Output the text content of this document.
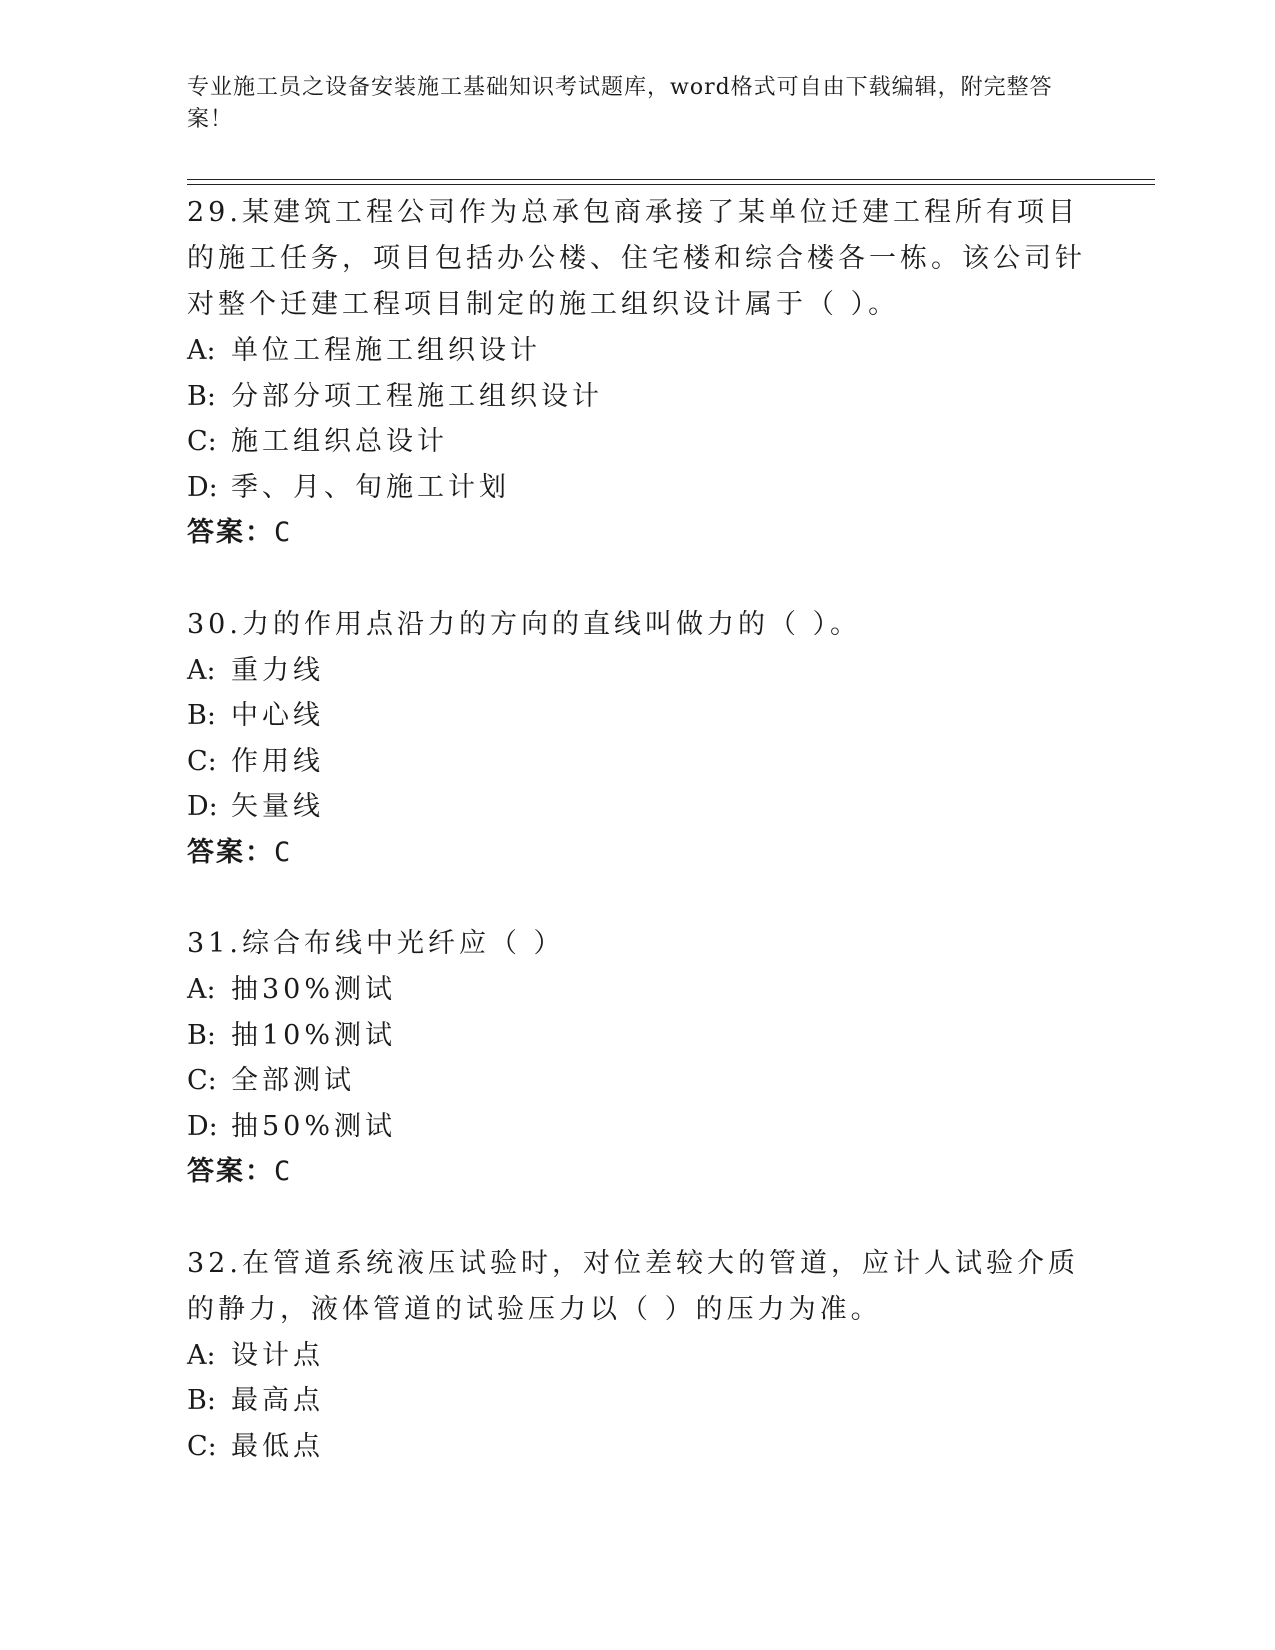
专业施工员之设备安装施工基础知识考试题库，word格式可自由下载编辑，附完整答案！
29.某建筑工程公司作为总承包商承接了某单位迁建工程所有项目的施工任务，项目包括办公楼、住宅楼和综合楼各一栋。该公司针对整个迁建工程项目制定的施工组织设计属于（ ）。
A: 单位工程施工组织设计
B: 分部分项工程施工组织设计
C: 施工组织总设计
D: 季、月、旬施工计划
答案：C
30.力的作用点沿力的方向的直线叫做力的（ ）。
A: 重力线
B: 中心线
C: 作用线
D: 矢量线
答案：C
31.综合布线中光纤应（ ）
A: 抽30%测试
B: 抽10%测试
C: 全部测试
D: 抽50%测试
答案：C
32.在管道系统液压试验时，对位差较大的管道，应计人试验介质的静力，液体管道的试验压力以（ ）的压力为准。
A: 设计点
B: 最高点
C: 最低点
